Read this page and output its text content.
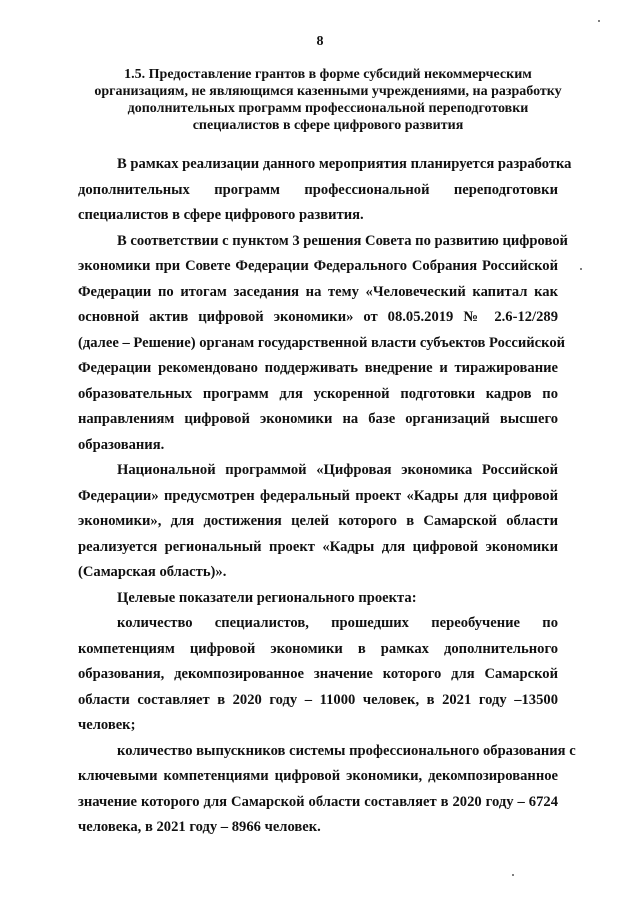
8
1.5. Предоставление грантов в форме субсидий некоммерческим
организациям, не являющимся казенными учреждениями, на разработку
дополнительных программ профессиональной переподготовки
специалистов в сфере цифрового развития

В рамках реализации данного мероприятия планируется разработка
дополнительных программ профессиональной переподготовки
специалистов в сфере цифрового развития.

В соответствии с пунктом 3 решения Совета по развитию цифровой
экономики при Совете Федерации Федерального Собрания Российской
Федерации по итогам заседания на тему «Человеческий капитал как
основной актив цифровой экономики» от 08.05.2019 № 2.6-12/289
(далее – Решение) органам государственной власти субъектов Российской
Федерации рекомендовано поддерживать внедрение и тиражирование
образовательных программ для ускоренной подготовки кадров по
направлениям цифровой экономики на базе организаций высшего
образования.

Национальной программой «Цифровая экономика Российской
Федерации» предусмотрен федеральный проект «Кадры для цифровой
экономики», для достижения целей которого в Самарской области
реализуется региональный проект «Кадры для цифровой экономики
(Самарская область)».

Целевые показатели регионального проекта:

количество специалистов, прошедших переобучение по
компетенциям цифровой экономики в рамках дополнительного
образования, декомпозированное значение которого для Самарской
области составляет в 2020 году – 11000 человек, в 2021 году –13500
человек;

количество выпускников системы профессионального образования с
ключевыми компетенциями цифровой экономики, декомпозированное
значение которого для Самарской области составляет в 2020 году – 6724
человека, в 2021 году – 8966 человек.
